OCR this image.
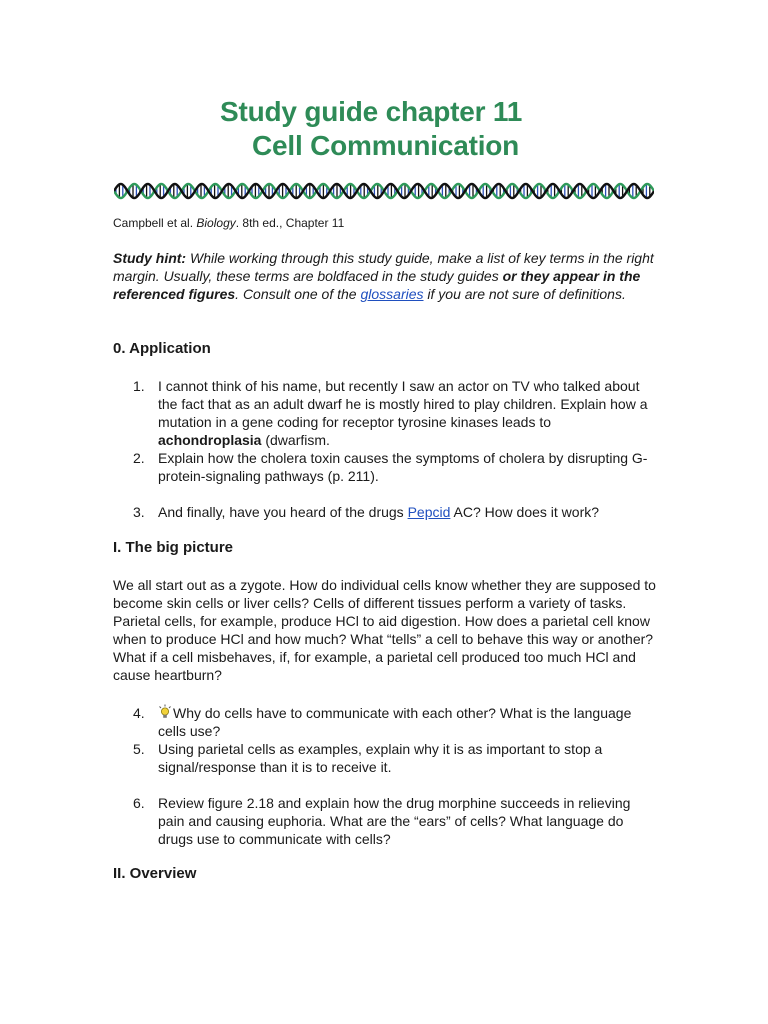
Study guide chapter 11
Cell Communication
Campbell et al. Biology. 8th ed., Chapter 11

Study hint: While working through this study guide, make a list of key terms in the right margin. Usually, these terms are boldfaced in the study guides or they appear in the referenced figures. Consult one of the glossaries if you are not sure of definitions.

0. Application
1. I cannot think of his name, but recently I saw an actor on TV who talked about the fact that as an adult dwarf he is mostly hired to play children. Explain how a mutation in a gene coding for receptor tyrosine kinases leads to achondroplasia (dwarfism.
2. Explain how the cholera toxin causes the symptoms of cholera by disrupting G-protein-signaling pathways (p. 211).
3. And finally, have you heard of the drugs Pepcid AC? How does it work?
I. The big picture

We all start out as a zygote. How do individual cells know whether they are supposed to become skin cells or liver cells? Cells of different tissues perform a variety of tasks. Parietal cells, for example, produce HCl to aid digestion. How does a parietal cell know when to produce HCl and how much? What “tells” a cell to behave this way or another? What if a cell misbehaves, if, for example, a parietal cell produced too much HCl and cause heartburn?

4.	Why do cells have to communicate with each other? What is the language cells use?
5. Using parietal cells as examples, explain why it is as important to stop a signal/response than it is to receive it.
6. Review figure 2.18 and explain how the drug morphine succeeds in relieving pain and causing euphoria. What are the “ears” of cells? What language do drugs use to communicate with cells?
II. Overview
